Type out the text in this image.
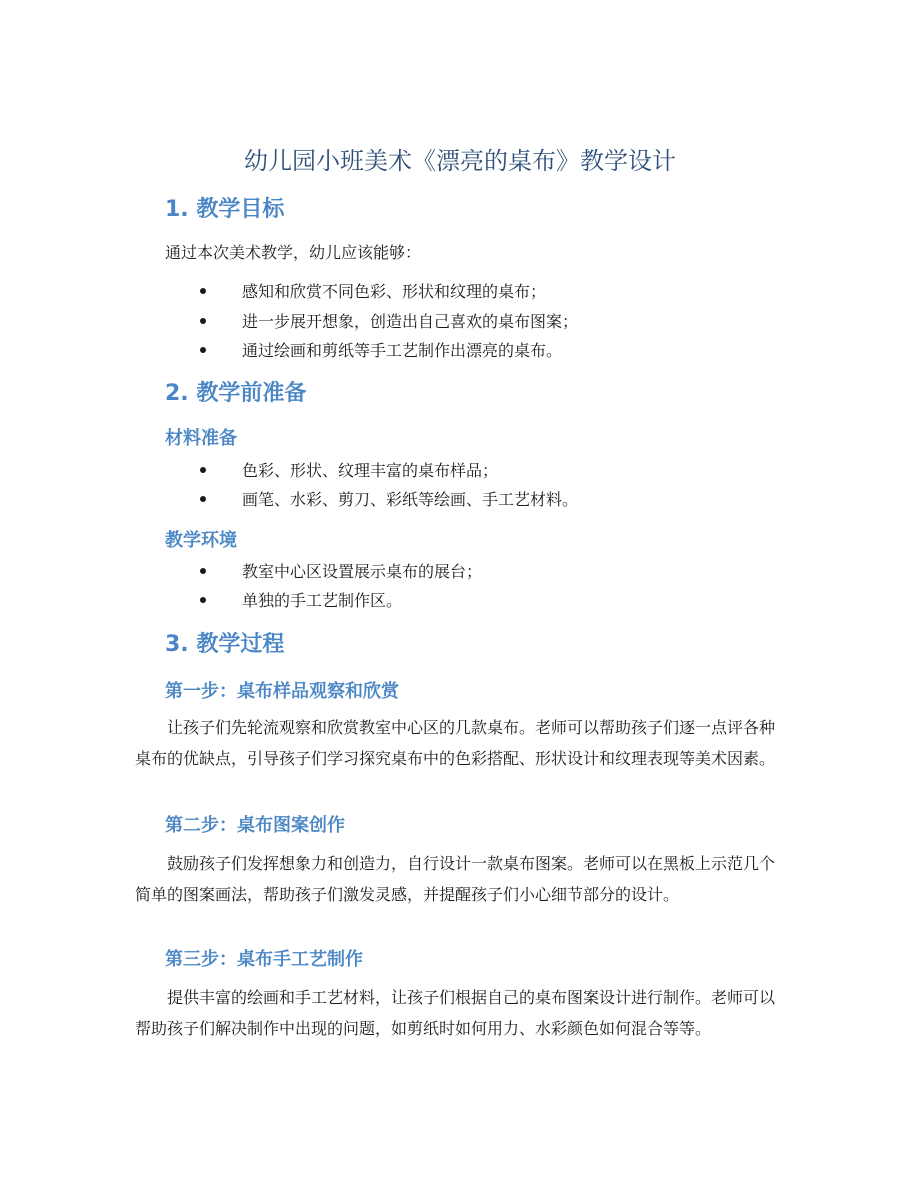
幼儿园小班美术《漂亮的桌布》教学设计
1. 教学目标
通过本次美术教学，幼儿应该能够：
感知和欣赏不同色彩、形状和纹理的桌布；
进一步展开想象，创造出自己喜欢的桌布图案；
通过绘画和剪纸等手工艺制作出漂亮的桌布。
2. 教学前准备
材料准备
色彩、形状、纹理丰富的桌布样品；
画笔、水彩、剪刀、彩纸等绘画、手工艺材料。
教学环境
教室中心区设置展示桌布的展台；
单独的手工艺制作区。
3. 教学过程
第一步：桌布样品观察和欣赏
让孩子们先轮流观察和欣赏教室中心区的几款桌布。老师可以帮助孩子们逐一点评各种桌布的优缺点，引导孩子们学习探究桌布中的色彩搭配、形状设计和纹理表现等美术因素。
第二步：桌布图案创作
鼓励孩子们发挥想象力和创造力，自行设计一款桌布图案。老师可以在黑板上示范几个简单的图案画法，帮助孩子们激发灵感，并提醒孩子们小心细节部分的设计。
第三步：桌布手工艺制作
提供丰富的绘画和手工艺材料，让孩子们根据自己的桌布图案设计进行制作。老师可以帮助孩子们解决制作中出现的问题，如剪纸时如何用力、水彩颜色如何混合等等。
